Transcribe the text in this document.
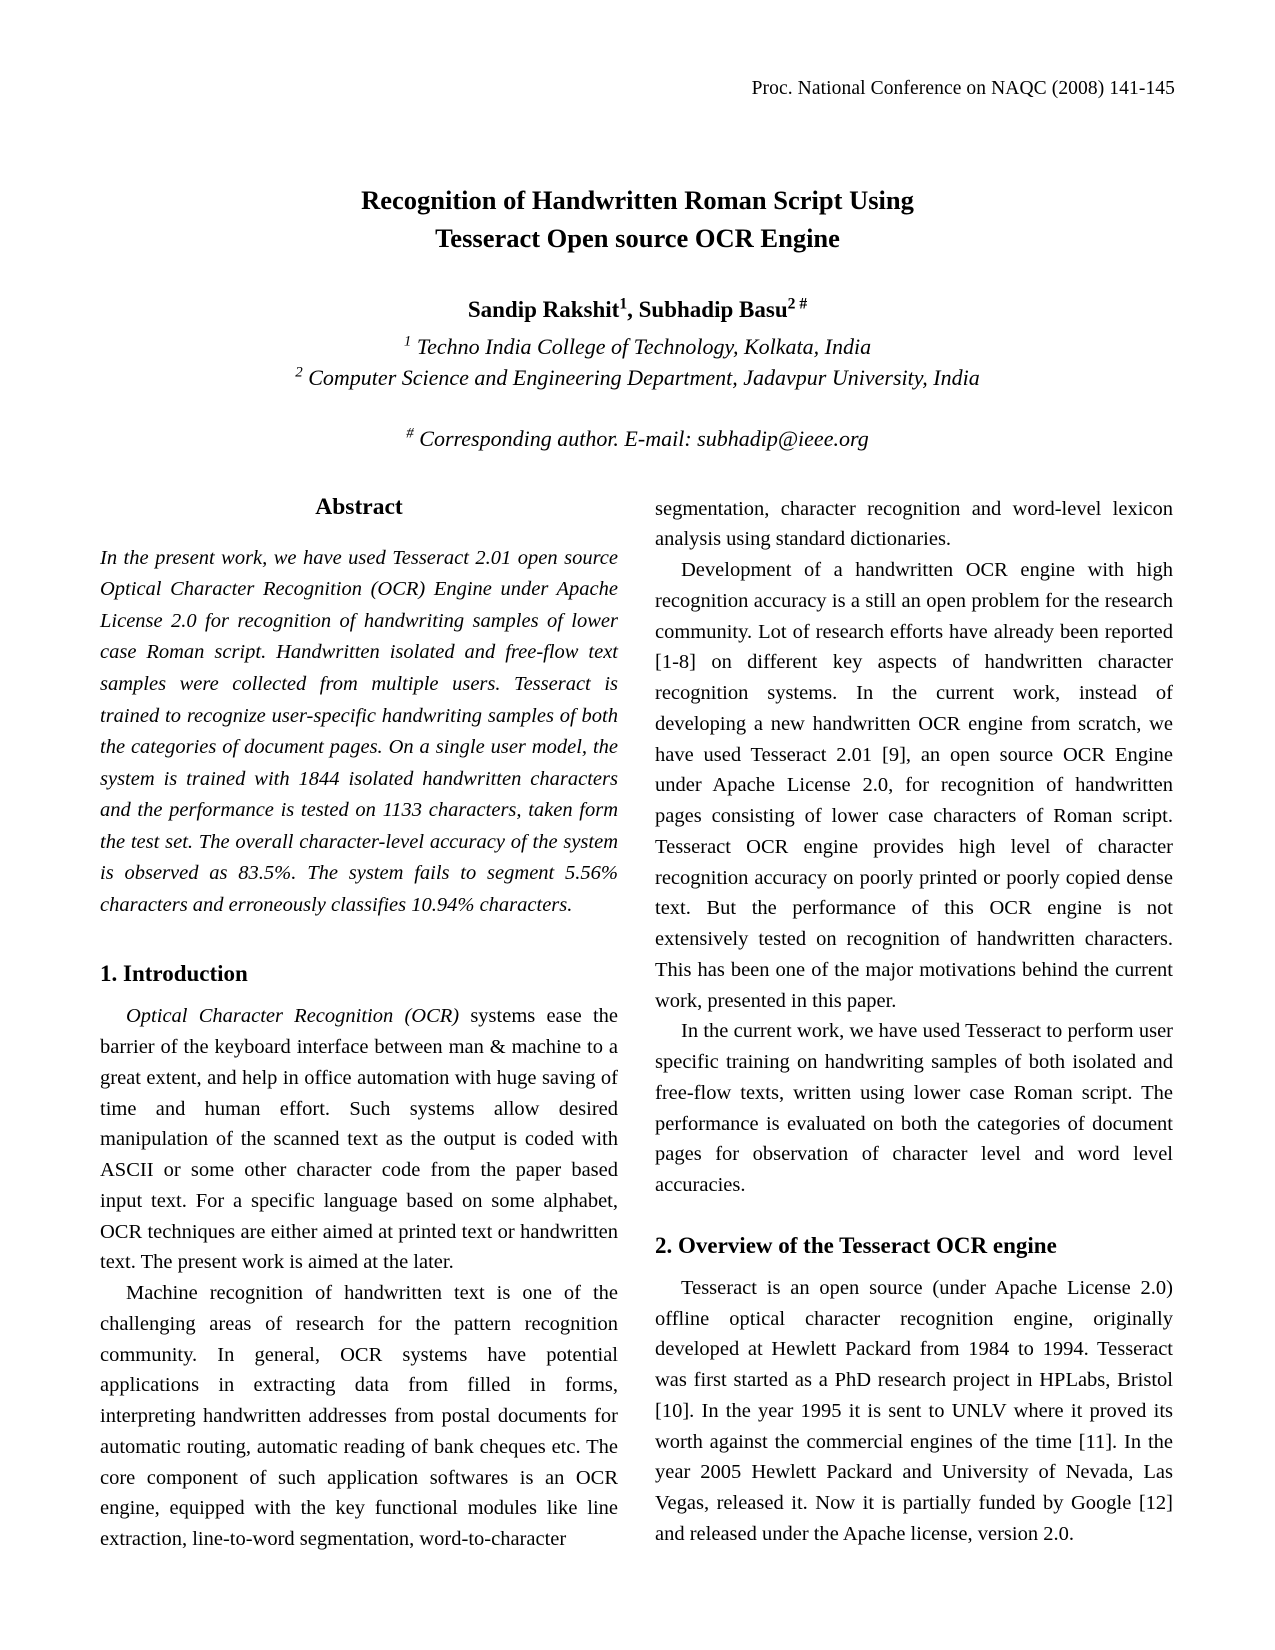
Proc. National Conference on NAQC (2008) 141-145
Recognition of Handwritten Roman Script Using
Tesseract Open source OCR Engine
Sandip Rakshit$^1$, Subhadip Basu$^{2 \#}$
$^1$ Techno India College of Technology, Kolkata, India
$^2$ Computer Science and Engineering Department, Jadavpur University, India
# Corresponding author. E-mail: subhadip@ieee.org
Abstract

In the present work, we have used Tesseract 2.01 open source Optical Character Recognition (OCR) Engine under Apache License 2.0 for recognition of handwriting samples of lower case Roman script. Handwritten isolated and free-flow text samples were collected from multiple users. Tesseract is trained to recognize user-specific handwriting samples of both the categories of document pages. On a single user model, the system is trained with 1844 isolated handwritten characters and the performance is tested on 1133 characters, taken form the test set. The overall character-level accuracy of the system is observed as 83.5%. The system fails to segment 5.56% characters and erroneously classifies 10.94% characters.

1. Introduction

Optical Character Recognition (OCR) systems ease the barrier of the keyboard interface between man & machine to a great extent, and help in office automation with huge saving of time and human effort. Such systems allow desired manipulation of the scanned text as the output is coded with ASCII or some other character code from the paper based input text. For a specific language based on some alphabet, OCR techniques are either aimed at printed text or handwritten text. The present work is aimed at the later.

Machine recognition of handwritten text is one of the challenging areas of research for the pattern recognition community. In general, OCR systems have potential applications in extracting data from filled in forms, interpreting handwritten addresses from postal documents for automatic routing, automatic reading of bank cheques etc. The core component of such application softwares is an OCR engine, equipped with the key functional modules like line extraction, line-to-word segmentation, word-to-character

segmentation, character recognition and word-level lexicon analysis using standard dictionaries.

Development of a handwritten OCR engine with high recognition accuracy is a still an open problem for the research community. Lot of research efforts have already been reported [1-8] on different key aspects of handwritten character recognition systems. In the current work, instead of developing a new handwritten OCR engine from scratch, we have used Tesseract 2.01 [9], an open source OCR Engine under Apache License 2.0, for recognition of handwritten pages consisting of lower case characters of Roman script. Tesseract OCR engine provides high level of character recognition accuracy on poorly printed or poorly copied dense text. But the performance of this OCR engine is not extensively tested on recognition of handwritten characters. This has been one of the major motivations behind the current work, presented in this paper.

In the current work, we have used Tesseract to perform user specific training on handwriting samples of both isolated and free-flow texts, written using lower case Roman script. The performance is evaluated on both the categories of document pages for observation of character level and word level accuracies.

2. Overview of the Tesseract OCR engine

Tesseract is an open source (under Apache License 2.0) offline optical character recognition engine, originally developed at Hewlett Packard from 1984 to 1994. Tesseract was first started as a PhD research project in HPLabs, Bristol [10]. In the year 1995 it is sent to UNLV where it proved its worth against the commercial engines of the time [11]. In the year 2005 Hewlett Packard and University of Nevada, Las Vegas, released it. Now it is partially funded by Google [12] and released under the Apache license, version 2.0.
